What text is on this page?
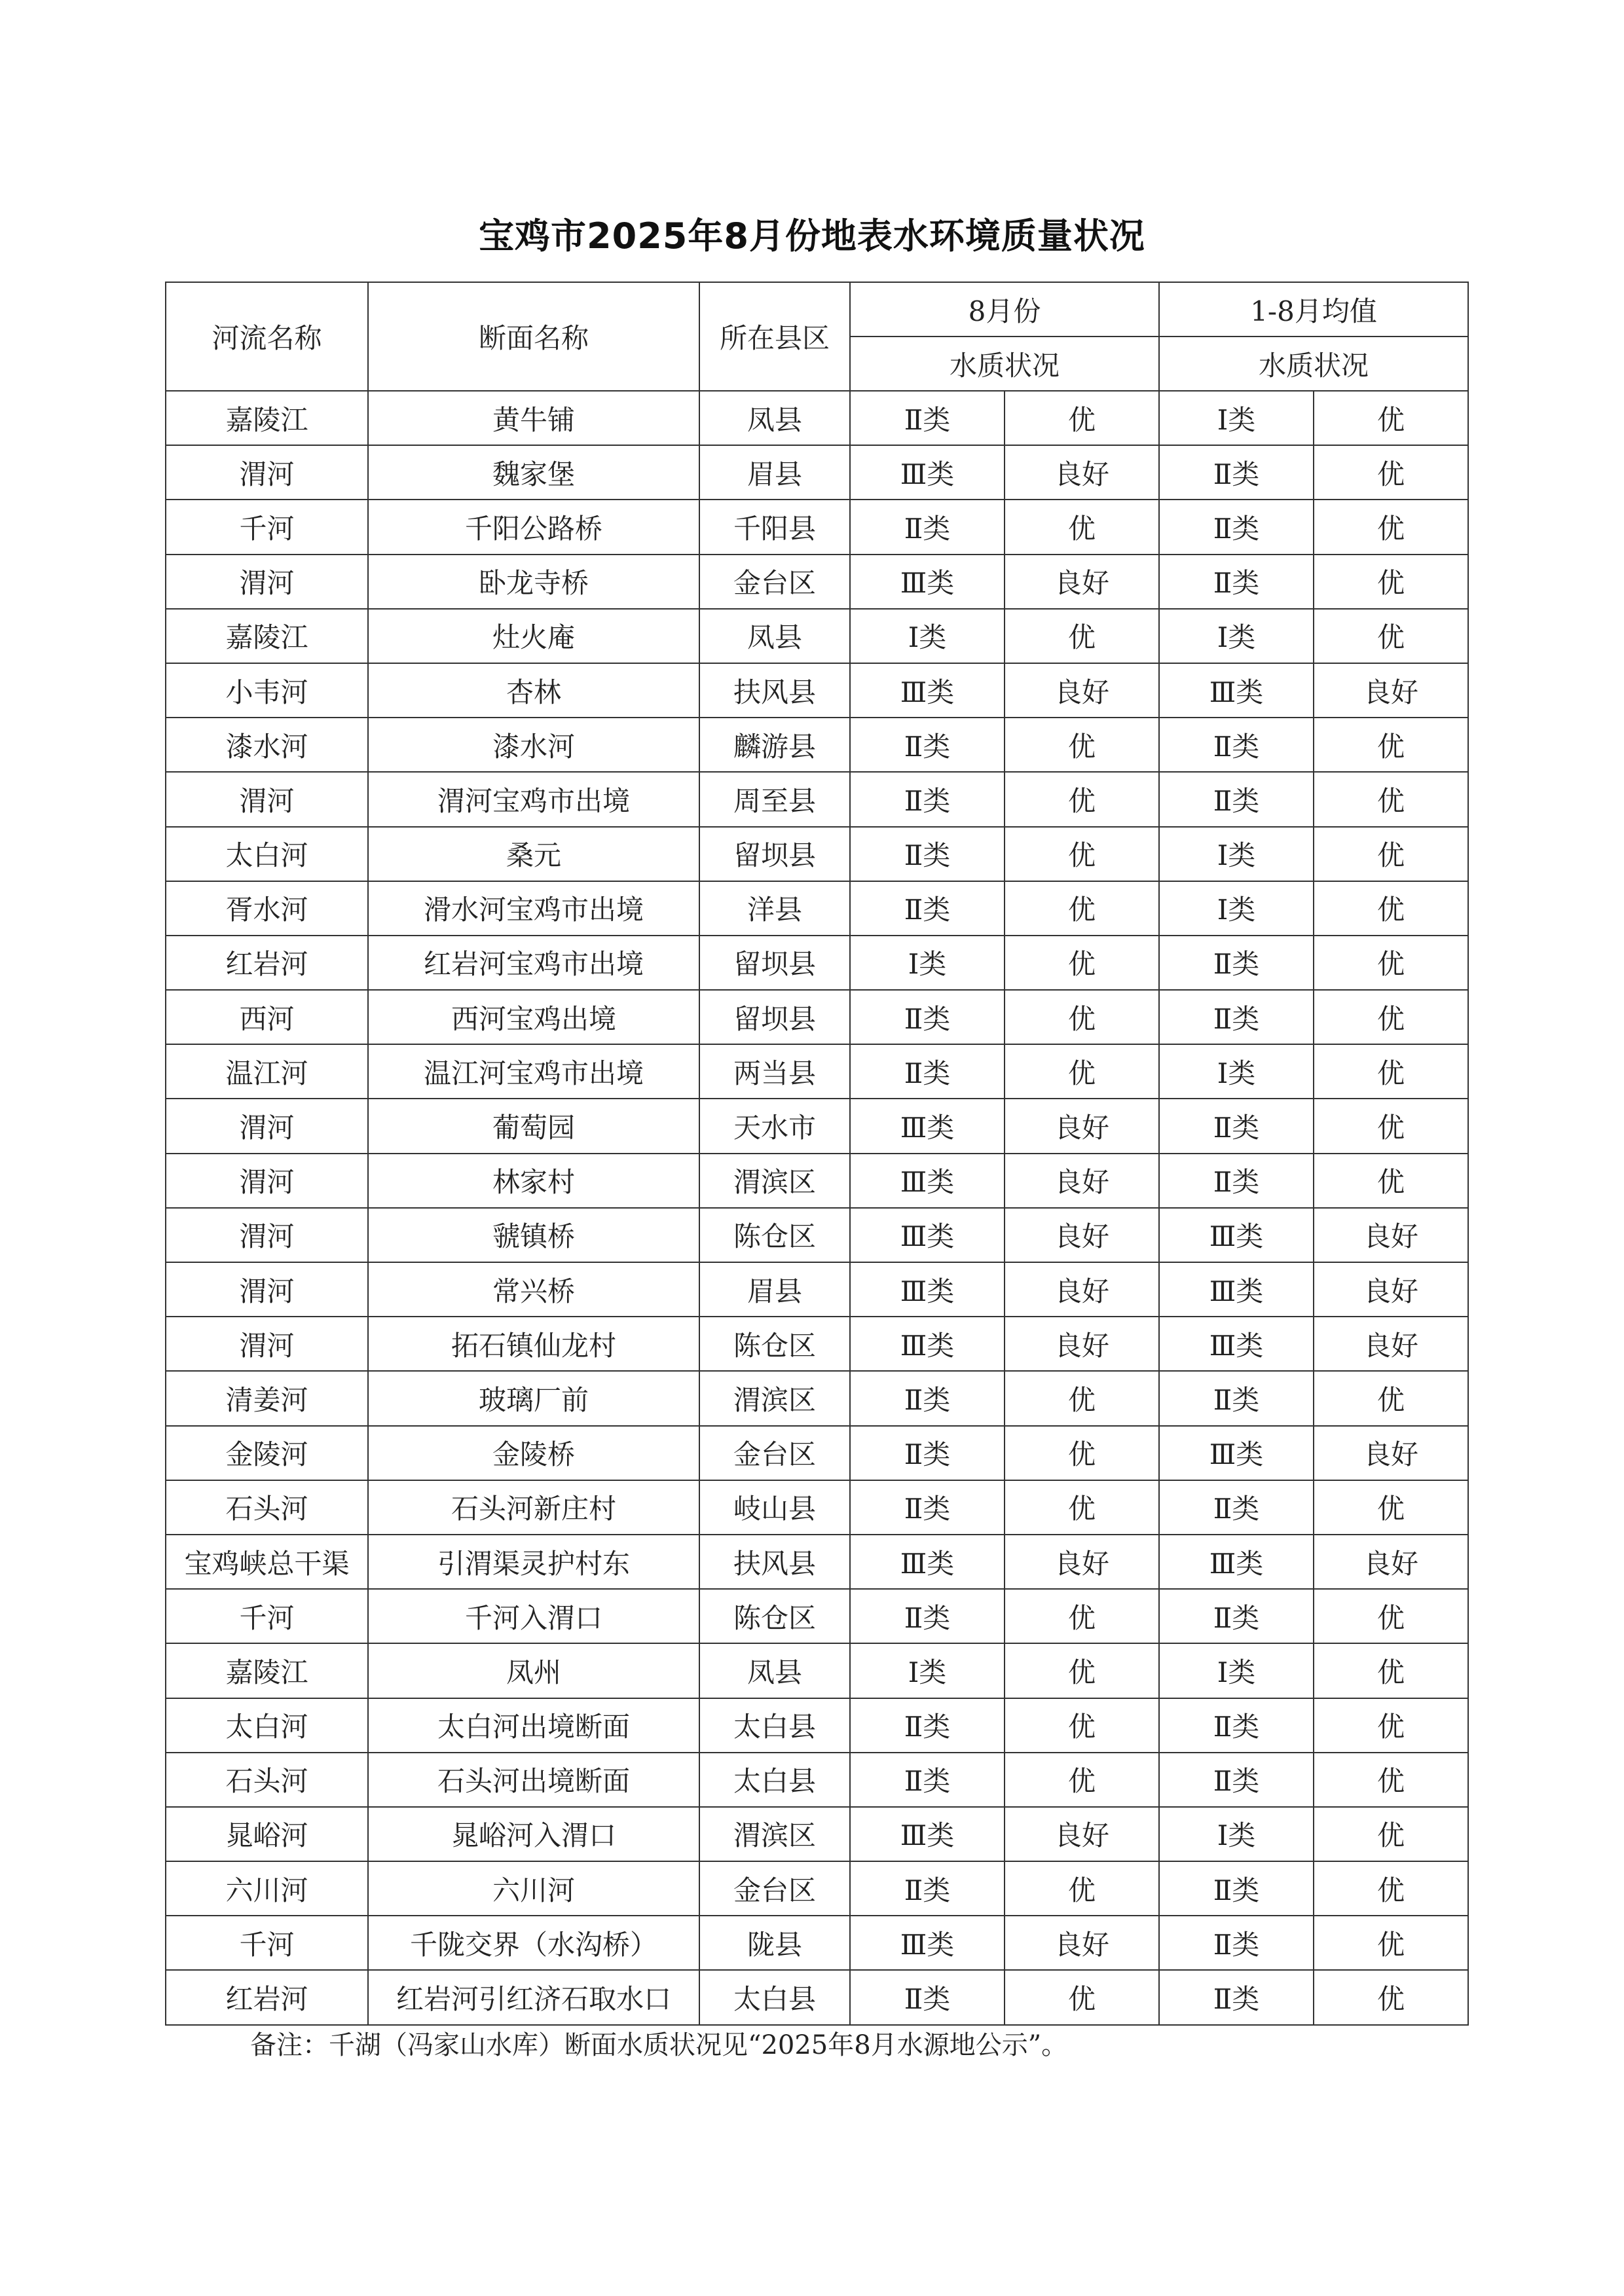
宝鸡市2025年8月份地表水环境质量状况
河流名称	断面名称	所在县区	8月份		1-8月均值	
			水质状况		水质状况	
嘉陵江	黄牛铺	凤县	Ⅱ类	优	Ⅰ类	优
渭河	魏家堡	眉县	Ⅲ类	良好	Ⅱ类	优
千河	千阳公路桥	千阳县	Ⅱ类	优	Ⅱ类	优
渭河	卧龙寺桥	金台区	Ⅲ类	良好	Ⅱ类	优
嘉陵江	灶火庵	凤县	Ⅰ类	优	Ⅰ类	优
小韦河	杏林	扶风县	Ⅲ类	良好	Ⅲ类	良好
漆水河	漆水河	麟游县	Ⅱ类	优	Ⅱ类	优
渭河	渭河宝鸡市出境	周至县	Ⅱ类	优	Ⅱ类	优
太白河	桑元	留坝县	Ⅱ类	优	Ⅰ类	优
胥水河	滑水河宝鸡市出境	洋县	Ⅱ类	优	Ⅰ类	优
红岩河	红岩河宝鸡市出境	留坝县	Ⅰ类	优	Ⅱ类	优
西河	西河宝鸡出境	留坝县	Ⅱ类	优	Ⅱ类	优
温江河	温江河宝鸡市出境	两当县	Ⅱ类	优	Ⅰ类	优
渭河	葡萄园	天水市	Ⅲ类	良好	Ⅱ类	优
渭河	林家村	渭滨区	Ⅲ类	良好	Ⅱ类	优
渭河	虢镇桥	陈仓区	Ⅲ类	良好	Ⅲ类	良好
渭河	常兴桥	眉县	Ⅲ类	良好	Ⅲ类	良好
渭河	拓石镇仙龙村	陈仓区	Ⅲ类	良好	Ⅲ类	良好
清姜河	玻璃厂前	渭滨区	Ⅱ类	优	Ⅱ类	优
金陵河	金陵桥	金台区	Ⅱ类	优	Ⅲ类	良好
石头河	石头河新庄村	岐山县	Ⅱ类	优	Ⅱ类	优
宝鸡峡总干渠	引渭渠灵护村东	扶风县	Ⅲ类	良好	Ⅲ类	良好
千河	千河入渭口	陈仓区	Ⅱ类	优	Ⅱ类	优
嘉陵江	凤州	凤县	Ⅰ类	优	Ⅰ类	优
太白河	太白河出境断面	太白县	Ⅱ类	优	Ⅱ类	优
石头河	石头河出境断面	太白县	Ⅱ类	优	Ⅱ类	优
晁峪河	晁峪河入渭口	渭滨区	Ⅲ类	良好	Ⅰ类	优
六川河	六川河	金台区	Ⅱ类	优	Ⅱ类	优
千河	千陇交界（水沟桥）	陇县	Ⅲ类	良好	Ⅱ类	优
红岩河	红岩河引红济石取水口	太白县	Ⅱ类	优	Ⅱ类	优
备注：千湖（冯家山水库）断面水质状况见“2025年8月水源地公示”。
